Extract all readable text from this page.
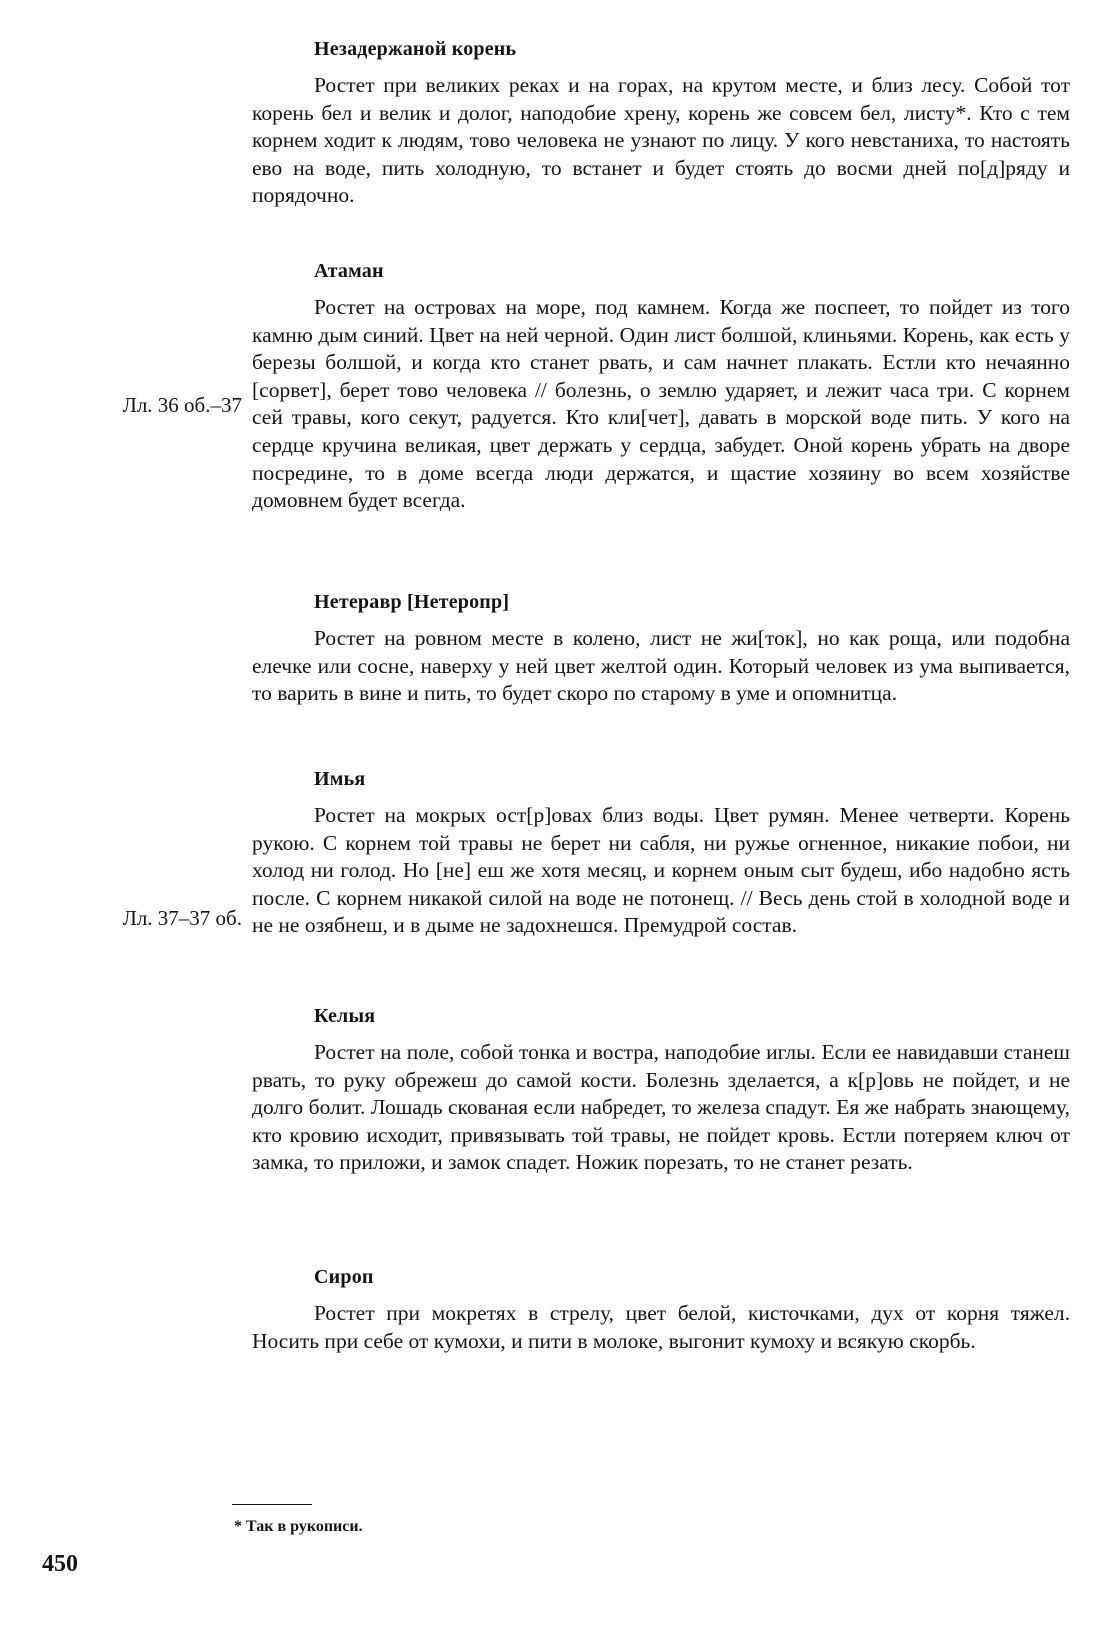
Незадержаной корень

Ростет при великих реках и на горах, на крутом месте, и близ лесу. Собой тот корень бел и велик и долог, наподобие хрену, корень же совсем бел, листу*. Кто с тем корнем ходит к людям, тово человека не узнают по лицу. У кого невстаниха, то настоять ево на воде, пить холодную, то встанет и будет стоять до восми дней по[д]ряду и порядочно.

Атаман

Ростет на островах на море, под камнем. Когда же поспеет, то пойдет из того камню дым синий. Цвет на ней черной. Один лист болшой, клиньями. Корень, как есть у березы болшой, и когда кто станет рвать, и сам начнет плакать. Естли кто нечаянно [сорвет], берет тово человека // болезнь, о землю ударяет, и лежит часа три. С корнем сей травы, кого секут, радуется. Кто кли[чет], давать в морской воде пить. У кого на сердце кручина великая, цвет держать у сердца, забудет. Оной корень убрать на дворе посредине, то в доме всегда люди держатся, и щастие хозяину во всем хозяйстве домовнем будет всегда.

Лл. 36 об.–37
Нетеравр [Нетеропр]

Ростет на ровном месте в колено, лист не жи[ток], но как роща, или подобна елечке или сосне, наверху у ней цвет желтой один. Который человек из ума выпивается, то варить в вине и пить, то будет скоро по старому в уме и опомнитца.

Имья

Ростет на мокрых ост[р]овах близ воды. Цвет румян. Менее четверти. Корень рукою. С корнем той травы не берет ни сабля, ни ружье огненное, никакие побои, ни холод ни голод. Но [не] еш же хотя месяц, и корнем оным сыт будеш, ибо надобно ясть после. С корнем никакой силой на воде не потонещ. // Весь день стой в холодной воде и не не озябнеш, и в дыме не задохнешся. Премудрой состав.

Лл. 37–37 об.
Келыя

Ростет на поле, собой тонка и востра, наподобие иглы. Если ее навидавши станеш рвать, то руку обрежеш до самой кости. Болезнь зделается, а к[р]овь не пойдет, и не долго болит. Лошадь скованая если набредет, то железа спадут. Ея же набрать знающему, кто кровию исходит, привязывать той травы, не пойдет кровь. Естли потеряем ключ от замка, то приложи, и замок спадет. Ножик порезать, то не станет резать.

Сироп

Ростет при мокретях в стрелу, цвет белой, кисточками, дух от корня тяжел. Носить при себе от кумохи, и пити в молоке, выгонит кумоху и всякую скорбь.

* Так в рукописи.
450
